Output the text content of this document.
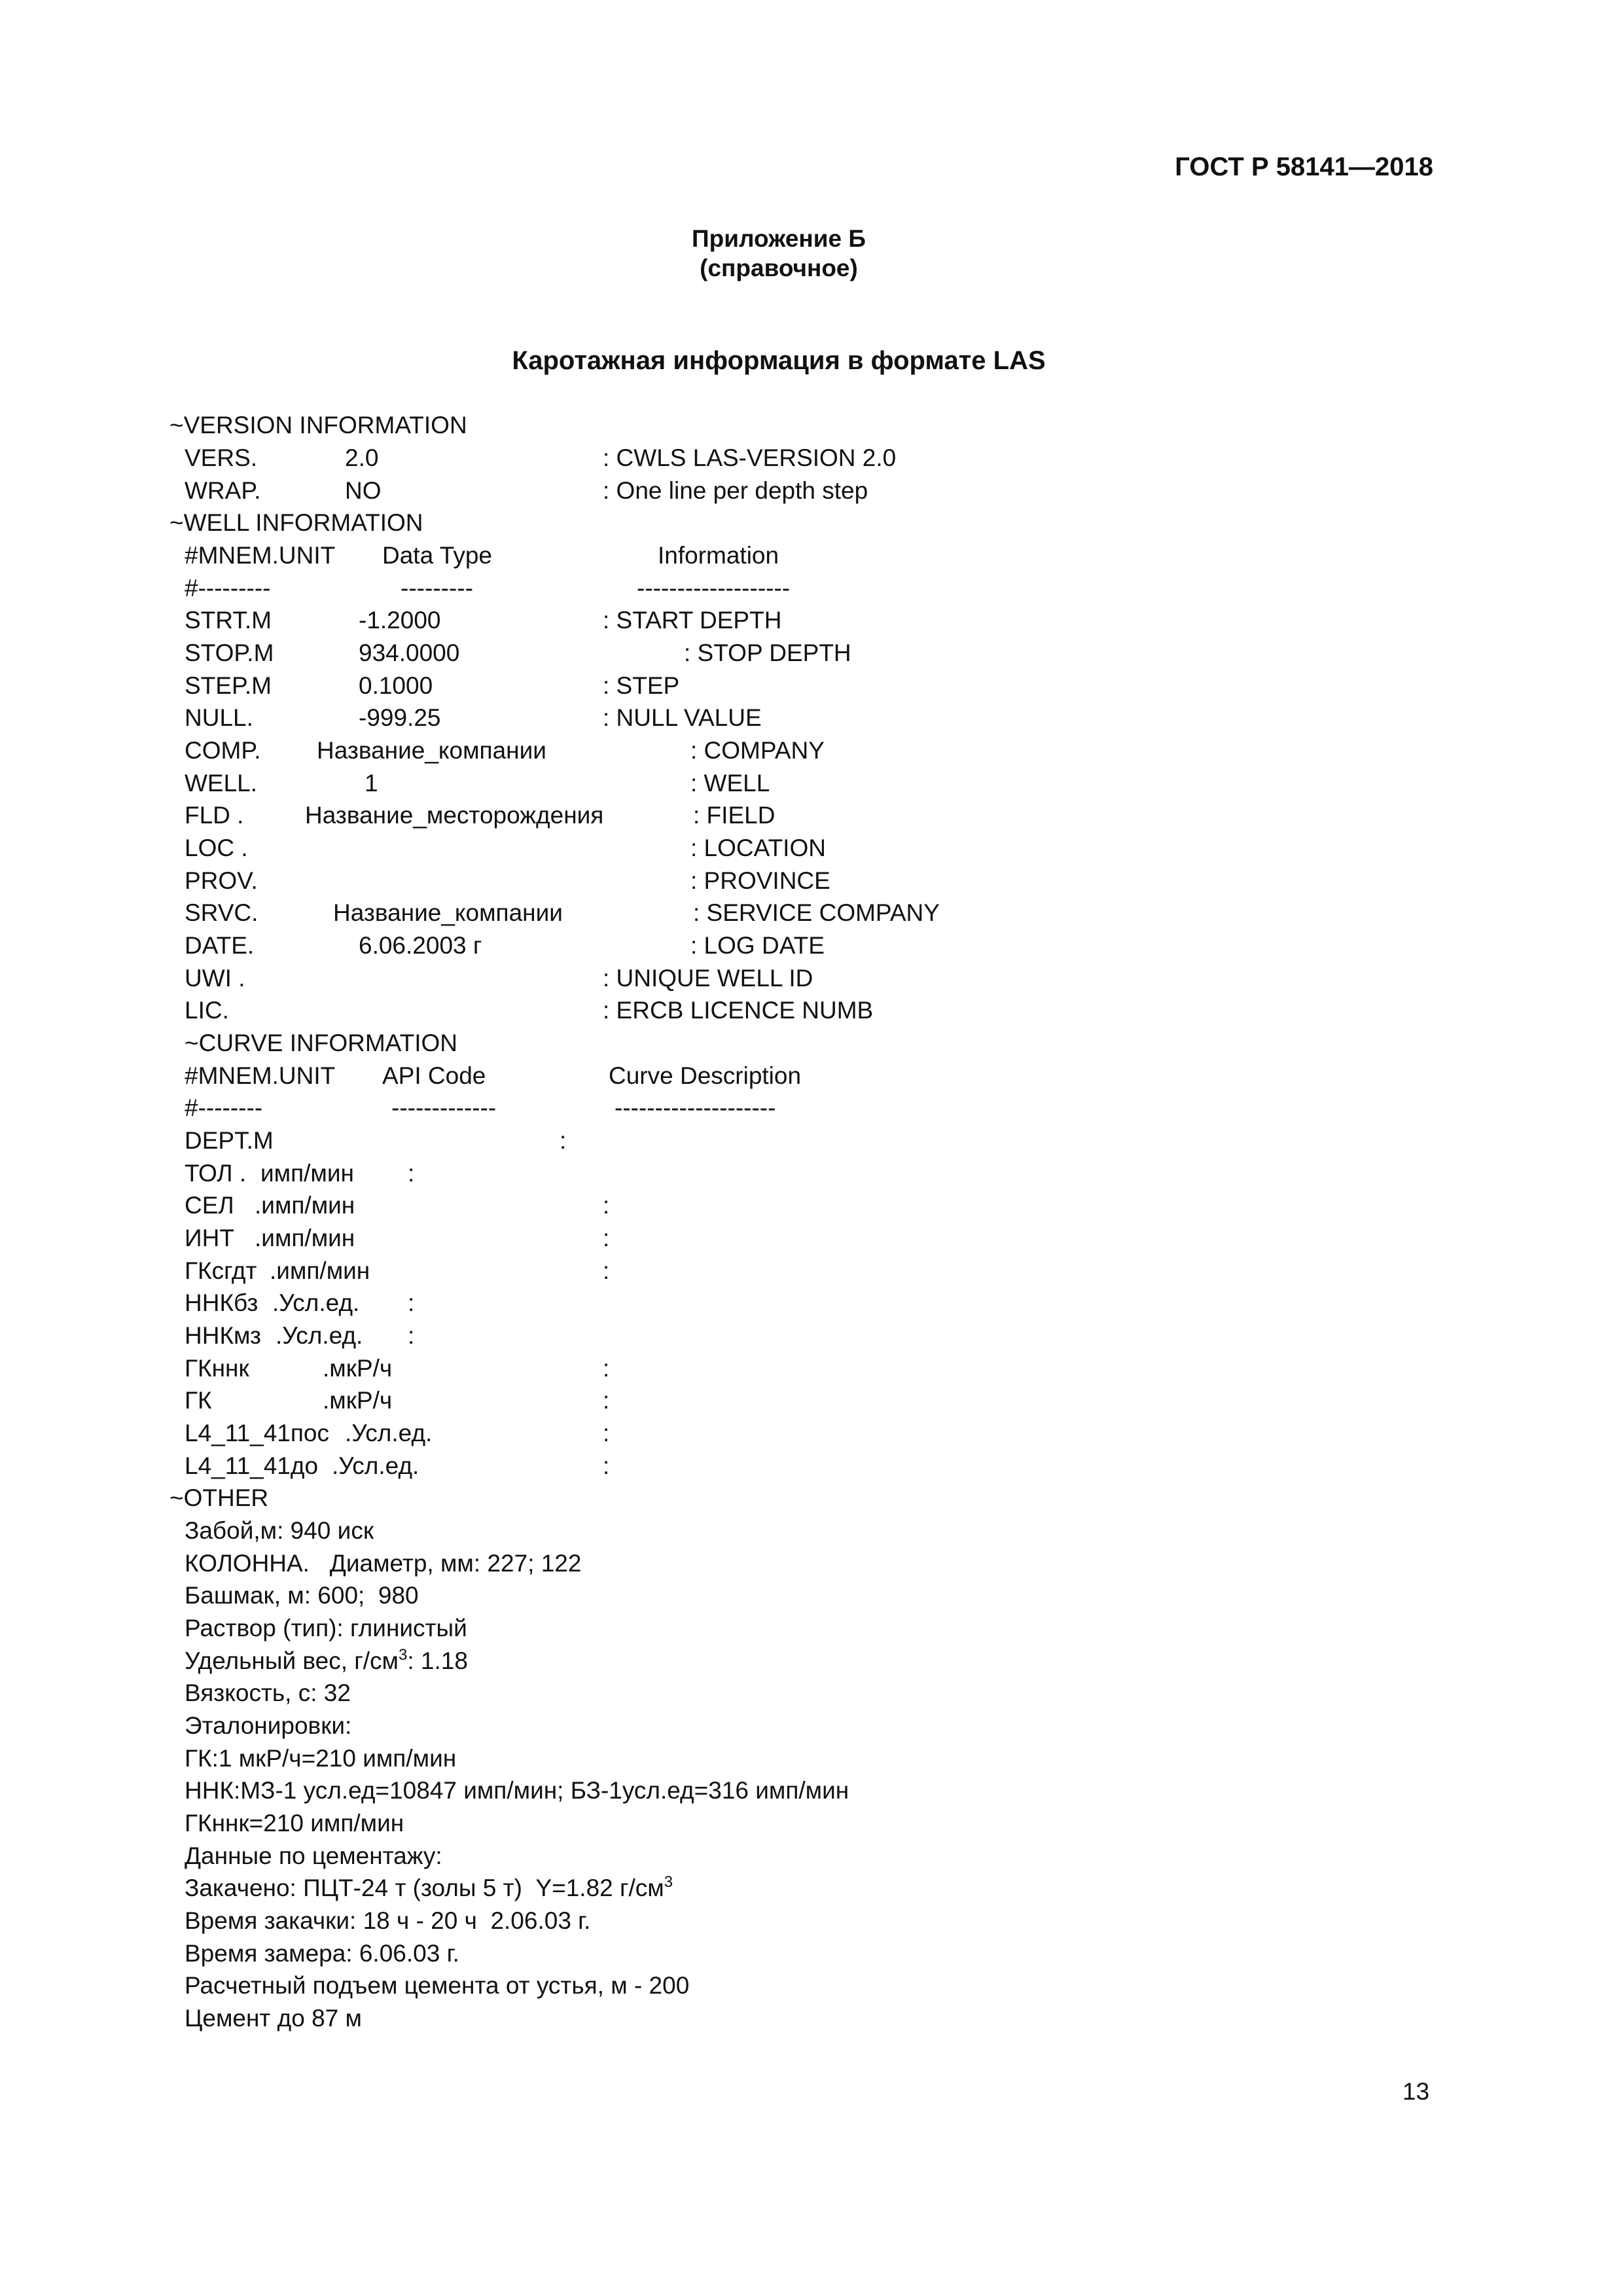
ГОСТ Р 58141—2018
Приложение Б
(справочное)
Каротажная информация в формате LAS
~VERSION INFORMATION
VERS.	2.0	: CWLS LAS-VERSION 2.0
WRAP.	NO	: One line per depth step
~WELL INFORMATION
#MNEM.UNIT Data Type	Information
#---------	---------	-------------------
STRT.M	-1.2000	: START DEPTH
STOP.M	934.0000	: STOP DEPTH
STEP.M	0.1000	: STEP
NULL.	-999.25	: NULL VALUE
COMP. Название_компании	: COMPANY
WELL.	1	: WELL
FLD .	Название_месторождения	: FIELD
LOC .	: LOCATION
PROV.	: PROVINCE
SRVC.	Название_компании	: SERVICE COMPANY
DATE.	6.06.2003 г	: LOG DATE
UWI .	: UNIQUE WELL ID
LIC.	: ERCB LICENCE NUMB
~CURVE INFORMATION
#MNEM.UNIT API Code	Curve Description
#--------	-------------	--------------------
DEPT.M	:
ТОЛ . имп/мин :
СЕЛ .имп/мин	:
ИНТ .имп/мин	:
ГКсгдт .имп/мин	:
ННКбз .Усл.ед. :
ННКмз .Усл.ед. :
ГКннк	.мкР/ч	:
ГК	.мкР/ч	:
L4_11_41пос .Усл.ед.	:
L4_11_41до .Усл.ед.	:
~OTHER
Забой,м: 940 иск
КОЛОННА.   Диаметр, мм: 227; 122
Башмак, м: 600;  980
Раствор (тип): глинистый
Удельный вес, $г/см^3$: 1.18
Вязкость, с: 32
Эталонировки:
ГК:1 мкР/ч=210 имп/мин
ННК:МЗ-1 усл.ед=10847 имп/мин; БЗ-1усл.ед=316 имп/мин
ГКннк=210 имп/мин
Данные по цементажу:
Закачено: ПЦТ-24 т (золы 5 т)  Y=1.82 $г/см^3$
Время закачки: 18 ч - 20 ч  2.06.03 г.
Время замера: 6.06.03 г.
Расчетный подъем цемента от устья, м - 200
Цемент до 87 м
13
